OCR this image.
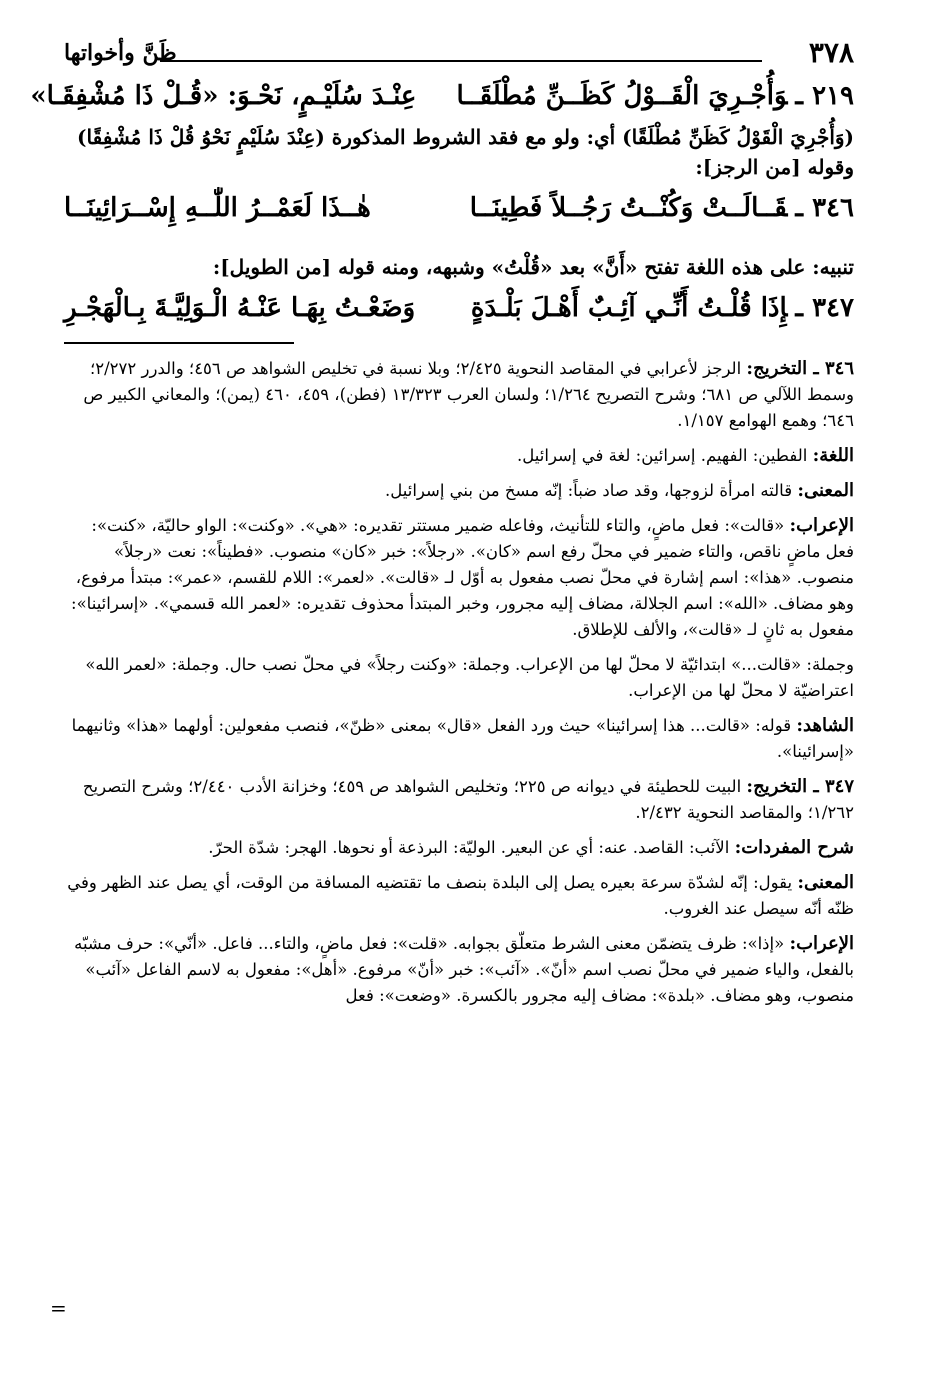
٣٧٨
ظَنَّ وأخواتها
٢١٩ ـوَأُجْـرِيَ الْقَــوْلُ كَظَــنِّ مُطْلَقَــا
عِنْـدَ سُلَيْـمٍ، نَحْـوَ: «قُـلْ ذَا مُشْفِقَـا»

(وَأُجْرِيَ الْقَوْلُ كَظَنِّ مُطْلَقًا) أي: ولو مع فقد الشروط المذكورة (عِنْدَ سُلَيْمٍ نَحْوُ قُلْ ذَا مُشْفِقًا) وقوله [من الرجز]:

٣٤٦ ـقَــالَــتْ وَكُنْــتُ رَجُــلاً فَطِينَــا
هٰــذَا لَعَمْــرُ اللّٰــهِ إِسْــرَائِينَــا

تنبيه: على هذه اللغة تفتح «أَنَّ» بعد «قُلْتُ» وشبهه، ومنه قوله [من الطويل]:

٣٤٧ ـإِذَا قُلْـتُ أَنِّـي آئِـبٌ أَهْـلَ بَلْـدَةٍ
وَضَعْـتُ بِهَـا عَنْـهُ الْـوَلِيَّـةَ بِـالْهَجْـرِ

٣٤٦ ـ التخريج: الرجز لأعرابي في المقاصد النحوية ٢/٤٢٥؛ وبلا نسبة في تخليص الشواهد ص ٤٥٦؛ والدرر ٢/٢٧٢؛ وسمط اللآلي ص ٦٨١؛ وشرح التصريح ١/٢٦٤؛ ولسان العرب ١٣/٣٢٣ (فطن)، ٤٥٩، ٤٦٠ (يمن)؛ والمعاني الكبير ص ٦٤٦؛ وهمع الهوامع ١/١٥٧.

اللغة: الفطين: الفهيم. إسرائين: لغة في إسرائيل.

المعنى: قالته امرأة لزوجها، وقد صاد ضباً: إنّه مسخ من بني إسرائيل.

الإعراب: «قالت»: فعل ماضٍ، والتاء للتأنيث، وفاعله ضمير مستتر تقديره: «هي». «وكنت»: الواو حاليّة، «كنت»: فعل ماضٍ ناقص، والتاء ضمير في محلّ رفع اسم «كان». «رجلاً»: خبر «كان» منصوب. «فطيناً»: نعت «رجلاً» منصوب. «هذا»: اسم إشارة في محلّ نصب مفعول به أوّل لـ «قالت». «لعمر»: اللام للقسم، «عمر»: مبتدأ مرفوع، وهو مضاف. «الله»: اسم الجلالة، مضاف إليه مجرور، وخبر المبتدأ محذوف تقديره: «لعمر الله قسمي». «إسرائينا»: مفعول به ثانٍ لـ «قالت»، والألف للإطلاق.

وجملة: «قالت...» ابتدائيّة لا محلّ لها من الإعراب. وجملة: «وكنت رجلاً» في محلّ نصب حال. وجملة: «لعمر الله» اعتراضيّة لا محلّ لها من الإعراب.

الشاهد: قوله: «قالت... هذا إسرائينا» حيث ورد الفعل «قال» بمعنى «ظنّ»، فنصب مفعولين: أولهما «هذا» وثانيهما «إسرائينا».

٣٤٧ ـ التخريج: البيت للحطيئة في ديوانه ص ٢٢٥؛ وتخليص الشواهد ص ٤٥٩؛ وخزانة الأدب ٢/٤٤٠؛ وشرح التصريح ١/٢٦٢؛ والمقاصد النحوية ٢/٤٣٢.

شرح المفردات: الآئب: القاصد. عنه: أي عن البعير. الوليّة: البرذعة أو نحوها. الهجر: شدّة الحرّ.

المعنى: يقول: إنّه لشدّة سرعة بعيره يصل إلى البلدة بنصف ما تقتضيه المسافة من الوقت، أي يصل عند الظهر وفي ظنّه أنّه سيصل عند الغروب.

الإعراب: «إذا»: ظرف يتضمّن معنى الشرط متعلّق بجوابه. «قلت»: فعل ماضٍ، والتاء... فاعل. «أنّي»: حرف مشبّه بالفعل، والياء ضمير في محلّ نصب اسم «أنّ». «آئب»: خبر «أنّ» مرفوع. «أهل»: مفعول به لاسم الفاعل «آئب» منصوب، وهو مضاف. «بلدة»: مضاف إليه مجرور بالكسرة. «وضعت»: فعل

=
